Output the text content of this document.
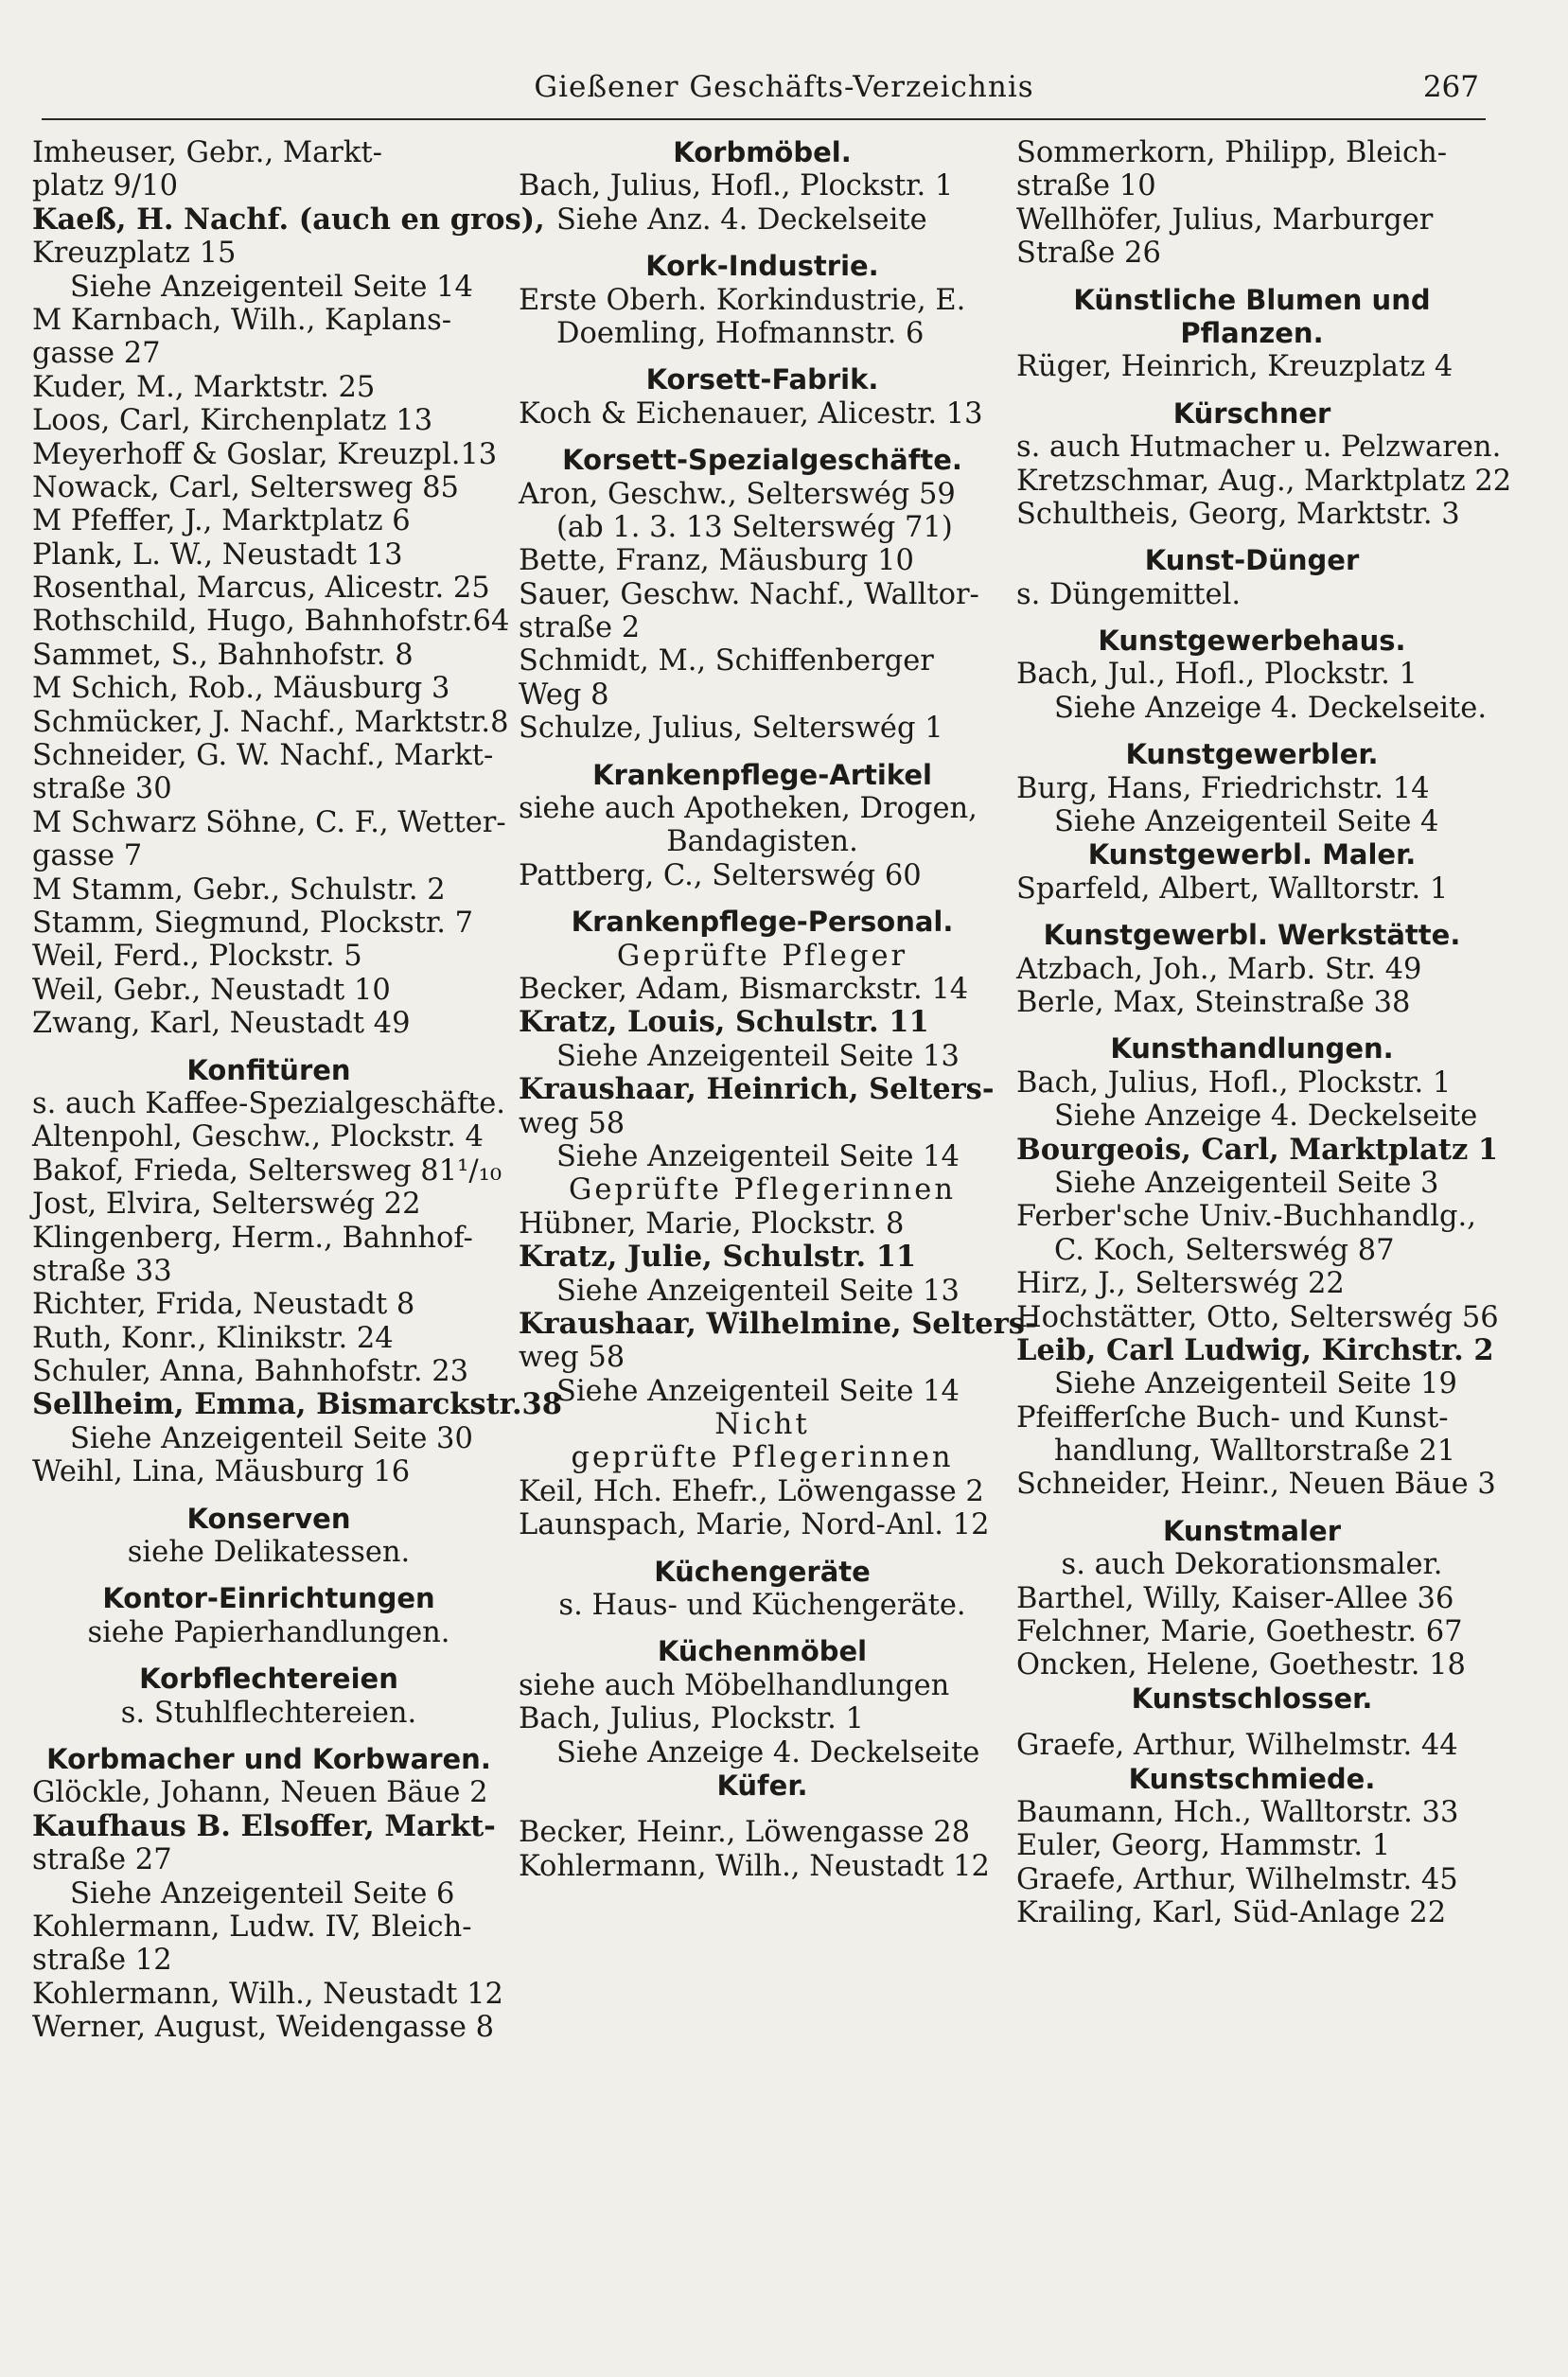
Gießener Geschäfts-Verzeichnis	267
Imheuser, Gebr., Markt-
platz 9/10
Kaeß, H. Nachf. (auch en gros),
Kreuzplatz 15
Siehe Anzeigenteil Seite 14
M Karnbach, Wilh., Kaplans-
gasse 27
Kuder, M., Marktstr. 25
Loos, Carl, Kirchenplatz 13
Meyerhoff & Goslar, Kreuzpl.13
Nowack, Carl, Seltersweg 85
M Pfeffer, J., Marktplatz 6
Plank, L. W., Neustadt 13
Rosenthal, Marcus, Alicestr. 25
Rothschild, Hugo, Bahnhofstr.64
Sammet, S., Bahnhofstr. 8
M Schich, Rob., Mäusburg 3
Schmücker, J. Nachf., Marktstr.8
Schneider, G. W. Nachf., Markt-
straße 30
M Schwarz Söhne, C. F., Wetter-
gasse 7
M Stamm, Gebr., Schulstr. 2
Stamm, Siegmund, Plockstr. 7
Weil, Ferd., Plockstr. 5
Weil, Gebr., Neustadt 10
Zwang, Karl, Neustadt 49
Konfitüren
s. auch Kaffee-Spezialgeschäfte.
Altenpohl, Geschw., Plockstr. 4
Bakof, Frieda, Seltersweg 81¹/₁₀
Jost, Elvira, Selterswég 22
Klingenberg, Herm., Bahnhof-
straße 33
Richter, Frida, Neustadt 8
Ruth, Konr., Klinikstr. 24
Schuler, Anna, Bahnhofstr. 23
Sellheim, Emma, Bismarckstr.38
Siehe Anzeigenteil Seite 30
Weihl, Lina, Mäusburg 16
Konserven
siehe Delikatessen.
Kontor-Einrichtungen
siehe Papierhandlungen.
Korbflechtereien
s. Stuhlflechtereien.
Korbmacher und Korbwaren.
Glöckle, Johann, Neuen Bäue 2
Kaufhaus B. Elsoffer, Markt-
straße 27
Siehe Anzeigenteil Seite 6
Kohlermann, Ludw. IV, Bleich-
straße 12
Kohlermann, Wilh., Neustadt 12
Werner, August, Weidengasse 8
Korbmöbel.
Bach, Julius, Hofl., Plockstr. 1
Siehe Anz. 4. Deckelseite
Kork-Industrie.
Erste Oberh. Korkindustrie, E.
Doemling, Hofmannstr. 6
Korsett-Fabrik.
Koch & Eichenauer, Alicestr. 13
Korsett-Spezialgeschäfte.
Aron, Geschw., Selterswég 59
(ab 1. 3. 13 Selterswég 71)
Bette, Franz, Mäusburg 10
Sauer, Geschw. Nachf., Walltor-
straße 2
Schmidt, M., Schiffenberger
Weg 8
Schulze, Julius, Selterswég 1
Krankenpflege-Artikel
siehe auch Apotheken, Drogen,
Bandagisten.
Pattberg, C., Selterswég 60
Krankenpflege-Personal.
Geprüfte Pfleger
Becker, Adam, Bismarckstr. 14
Kratz, Louis, Schulstr. 11
Siehe Anzeigenteil Seite 13
Kraushaar, Heinrich, Selters-
weg 58
Siehe Anzeigenteil Seite 14
Geprüfte Pflegerinnen
Hübner, Marie, Plockstr. 8
Kratz, Julie, Schulstr. 11
Siehe Anzeigenteil Seite 13
Kraushaar, Wilhelmine, Selters-
weg 58
Siehe Anzeigenteil Seite 14
Nicht
geprüfte Pflegerinnen
Keil, Hch. Ehefr., Löwengasse 2
Launspach, Marie, Nord-Anl. 12
Küchengeräte
s. Haus- und Küchengeräte.
Küchenmöbel
siehe auch Möbelhandlungen
Bach, Julius, Plockstr. 1
Siehe Anzeige 4. Deckelseite
Küfer.
Becker, Heinr., Löwengasse 28
Kohlermann, Wilh., Neustadt 12
Sommerkorn, Philipp, Bleich-
straße 10
Wellhöfer, Julius, Marburger
Straße 26
Künstliche Blumen und
Pflanzen.
Rüger, Heinrich, Kreuzplatz 4
Kürschner
s. auch Hutmacher u. Pelzwaren.
Kretzschmar, Aug., Marktplatz 22
Schultheis, Georg, Marktstr. 3
Kunst-Dünger
s. Düngemittel.
Kunstgewerbehaus.
Bach, Jul., Hofl., Plockstr. 1
Siehe Anzeige 4. Deckelseite.
Kunstgewerbler.
Burg, Hans, Friedrichstr. 14
Siehe Anzeigenteil Seite 4
Kunstgewerbl. Maler.
Sparfeld, Albert, Walltorstr. 1
Kunstgewerbl. Werkstätte.
Atzbach, Joh., Marb. Str. 49
Berle, Max, Steinstraße 38
Kunsthandlungen.
Bach, Julius, Hofl., Plockstr. 1
Siehe Anzeige 4. Deckelseite
Bourgeois, Carl, Marktplatz 1
Siehe Anzeigenteil Seite 3
Ferber'sche Univ.-Buchhandlg.,
C. Koch, Selterswég 87
Hirz, J., Selterswég 22
Hochstätter, Otto, Selterswég 56
Leib, Carl Ludwig, Kirchstr. 2
Siehe Anzeigenteil Seite 19
Pfeifferſche Buch- und Kunst-
handlung, Walltorstraße 21
Schneider, Heinr., Neuen Bäue 3
Kunstmaler
s. auch Dekorationsmaler.
Barthel, Willy, Kaiser-Allee 36
Felchner, Marie, Goethestr. 67
Oncken, Helene, Goethestr. 18
Kunstschlosser.
Graefe, Arthur, Wilhelmstr. 44
Kunstschmiede.
Baumann, Hch., Walltorstr. 33
Euler, Georg, Hammstr. 1
Graefe, Arthur, Wilhelmstr. 45
Krailing, Karl, Süd-Anlage 22
